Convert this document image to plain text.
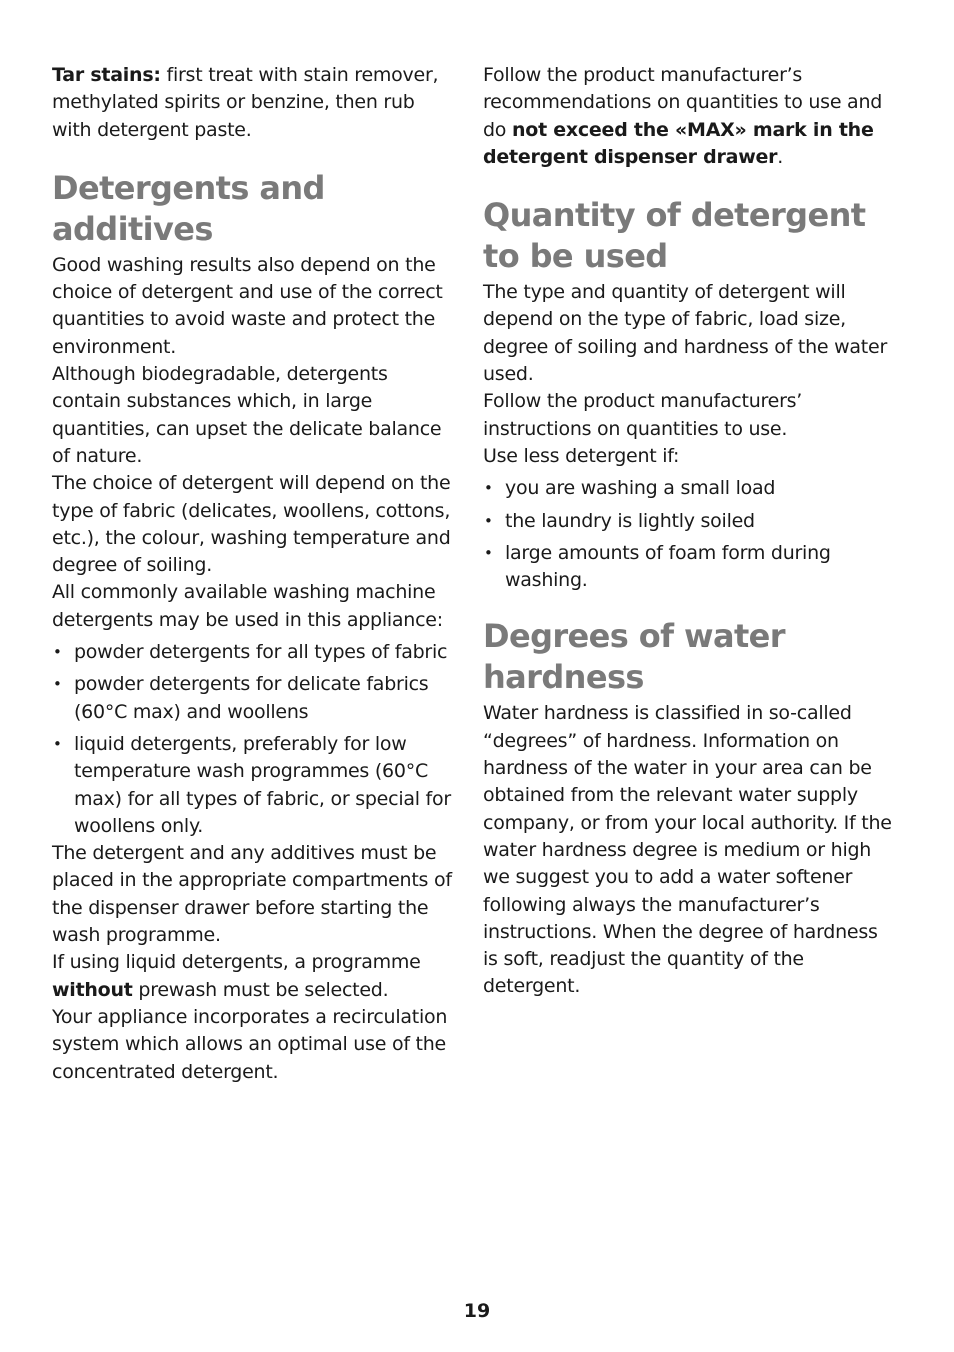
Tar stains: first treat with stain remover, methylated spirits or benzine, then rub with detergent paste.

Detergents and additives

Good washing results also depend on the choice of detergent and use of the correct quantities to avoid waste and protect the environment.

Although biodegradable, detergents contain substances which, in large quantities, can upset the delicate balance of nature.

The choice of detergent will depend on the type of fabric (delicates, woollens, cottons, etc.), the colour, washing temperature and degree of soiling.

All commonly available washing machine detergents may be used in this appliance:

• powder detergents for all types of fabric
• powder detergents for delicate fabrics (60°C max) and woollens
• liquid detergents, preferably for low temperature wash programmes (60°C max) for all types of fabric, or special for woollens only.

The detergent and any additives must be placed in the appropriate compartments of the dispenser drawer before starting the wash programme.

If using liquid detergents, a programme without prewash must be selected.

Your appliance incorporates a recirculation system which allows an optimal use of the concentrated detergent.

Follow the product manufacturer’s recommendations on quantities to use and do not exceed the «MAX» mark in the detergent dispenser drawer.

Quantity of detergent to be used

The type and quantity of detergent will depend on the type of fabric, load size, degree of soiling and hardness of the water used.

Follow the product manufacturers’ instructions on quantities to use.

Use less detergent if:

• you are washing a small load
• the laundry is lightly soiled
• large amounts of foam form during washing.
Degrees of water hardness

Water hardness is classified in so-called “degrees” of hardness. Information on hardness of the water in your area can be obtained from the relevant water supply company, or from your local authority. If the water hardness degree is medium or high we suggest you to add a water softener following always the manufacturer’s instructions. When the degree of hardness is soft, readjust the quantity of the detergent.

19
